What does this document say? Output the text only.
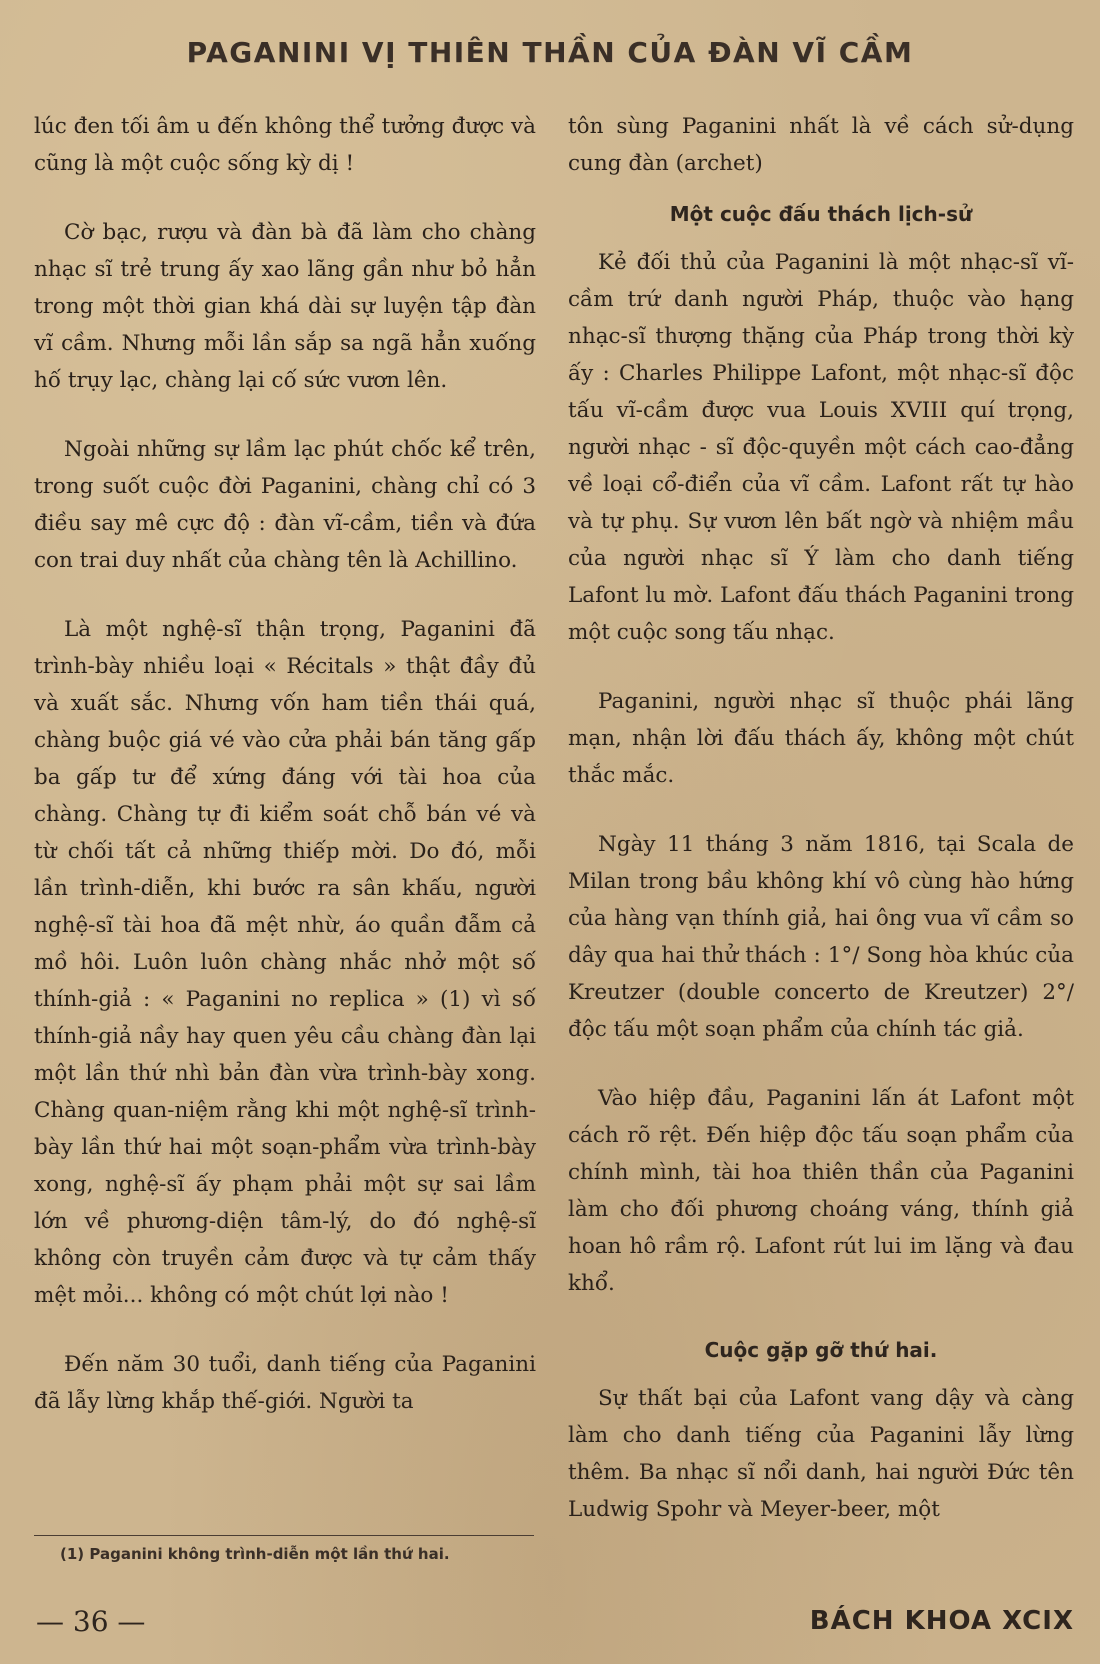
PAGANINI VỊ THIÊN THẦN CỦA ĐÀN VĨ CẦM

lúc đen tối âm u đến không thể tưởng được và cũng là một cuộc sống kỳ dị !

Cờ bạc, rượu và đàn bà đã làm cho chàng nhạc sĩ trẻ trung ấy xao lãng gần như bỏ hẳn trong một thời gian khá dài sự luyện tập đàn vĩ cầm. Nhưng mỗi lần sắp sa ngã hẳn xuống hố trụy lạc, chàng lại cố sức vươn lên.

Ngoài những sự lầm lạc phút chốc kể trên, trong suốt cuộc đời Paganini, chàng chỉ có 3 điều say mê cực độ : đàn vĩ-cầm, tiền và đứa con trai duy nhất của chàng tên là Achillino.

Là một nghệ-sĩ thận trọng, Paganini đã trình-bày nhiều loại « Récitals » thật đầy đủ và xuất sắc. Nhưng vốn ham tiền thái quá, chàng buộc giá vé vào cửa phải bán tăng gấp ba gấp tư để xứng đáng với tài hoa của chàng. Chàng tự đi kiểm soát chỗ bán vé và từ chối tất cả những thiếp mời. Do đó, mỗi lần trình-diễn, khi bước ra sân khấu, người nghệ-sĩ tài hoa đã mệt nhừ, áo quần đẫm cả mồ hôi. Luôn luôn chàng nhắc nhở một số thính-giả : « Paganini no replica » (1) vì số thính-giả nầy hay quen yêu cầu chàng đàn lại một lần thứ nhì bản đàn vừa trình-bày xong. Chàng quan-niệm rằng khi một nghệ-sĩ trình-bày lần thứ hai một soạn-phẩm vừa trình-bày xong, nghệ-sĩ ấy phạm phải một sự sai lầm lớn về phương-diện tâm-lý, do đó nghệ-sĩ không còn truyền cảm được và tự cảm thấy mệt mỏi... không có một chút lợi nào !

Đến năm 30 tuổi, danh tiếng của Paganini đã lẫy lừng khắp thế-giới. Người ta

tôn sùng Paganini nhất là về cách sử-dụng cung đàn (archet)

Một cuộc đấu thách lịch-sử

Kẻ đối thủ của Paganini là một nhạc-sĩ vĩ-cầm trứ danh người Pháp, thuộc vào hạng nhạc-sĩ thượng thặng của Pháp trong thời kỳ ấy : Charles Philippe Lafont, một nhạc-sĩ độc tấu vĩ-cầm được vua Louis XVIII quí trọng, người nhạc - sĩ độc-quyền một cách cao-đẳng về loại cổ-điển của vĩ cầm. Lafont rất tự hào và tự phụ. Sự vươn lên bất ngờ và nhiệm mầu của người nhạc sĩ Ý làm cho danh tiếng Lafont lu mờ. Lafont đấu thách Paganini trong một cuộc song tấu nhạc.

Paganini, người nhạc sĩ thuộc phái lãng mạn, nhận lời đấu thách ấy, không một chút thắc mắc.

Ngày 11 tháng 3 năm 1816, tại Scala de Milan trong bầu không khí vô cùng hào hứng của hàng vạn thính giả, hai ông vua vĩ cầm so dây qua hai thử thách : 1°/ Song hòa khúc của Kreutzer (double concerto de Kreutzer) 2°/ độc tấu một soạn phẩm của chính tác giả.

Vào hiệp đầu, Paganini lấn át Lafont một cách rõ rệt. Đến hiệp độc tấu soạn phẩm của chính mình, tài hoa thiên thần của Paganini làm cho đối phương choáng váng, thính giả hoan hô rầm rộ. Lafont rút lui im lặng và đau khổ.

Cuộc gặp gỡ thứ hai.

Sự thất bại của Lafont vang dậy và càng làm cho danh tiếng của Paganini lẫy lừng thêm. Ba nhạc sĩ nổi danh, hai người Đức tên Ludwig Spohr và Meyer-beer, một

(1) Paganini không trình-diễn một lần thứ hai.
— 36 —	BÁCH KHOA XCIX
